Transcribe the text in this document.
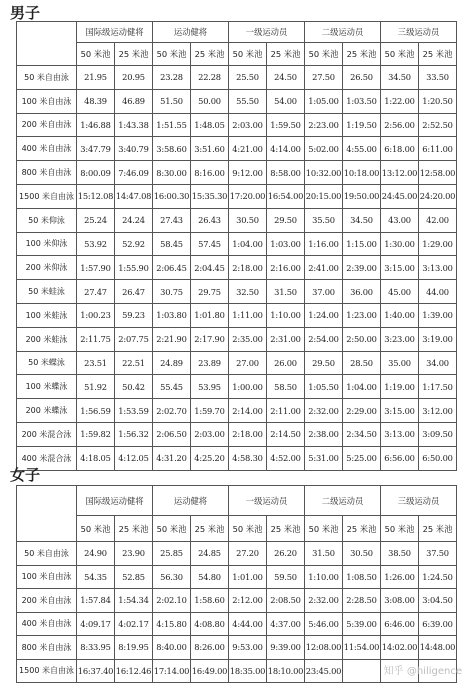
男子
	国际级运动健将		运动健将		一级运动员		二级运动员		三级运动员	
	50 米池	25 米池	50 米池	25 米池	50 米池	25 米池	50 米池	25 米池	50 米池	25 米池
50 米自由泳	21.95	20.95	23.28	22.28	25.50	24.50	27.50	26.50	34.50	33.50
100 米自由泳	48.39	46.89	51.50	50.00	55.50	54.00	1:05.00	1:03.50	1:22.00	1:20.50
200 米自由泳	1:46.88	1:43.38	1:51.55	1:48.05	2:03.00	1:59.50	2:23.00	1:19.50	2:56.00	2:52.50
400 米自由泳	3:47.79	3:40.79	3:58.60	3:51.60	4:21.00	4:14.00	5:02.00	4:55.00	6:18.00	6:11.00
800 米自由泳	8:00.09	7:46.09	8:30.00	8:16.00	9:12.00	8:58.00	10:32.00	10:18.00	13:12.00	12:58.00
1500 米自由泳	15:12.08	14:47.08	16:00.30	15:35.30	17:20.00	16:54.00	20:15.00	19:50.00	24:45.00	24:20.00
50 米仰泳	25.24	24.24	27.43	26.43	30.50	29.50	35.50	34.50	43.00	42.00
100 米仰泳	53.92	52.92	58.45	57.45	1:04.00	1:03.00	1:16.00	1:15.00	1:30.00	1:29.00
200 米仰泳	1:57.90	1:55.90	2:06.45	2:04.45	2:18.00	2:16.00	2:41.00	2:39.00	3:15.00	3:13.00
50 米蛙泳	27.47	26.47	30.75	29.75	32.50	31.50	37.00	36.00	45.00	44.00
100 米蛙泳	1:00.23	59.23	1:03.80	1:01.80	1:11.00	1:10.00	1:24.00	1:23.00	1:40.00	1:39.00
200 米蛙泳	2:11.75	2:07.75	2:21.90	2:17.90	2:35.00	2:31.00	2:54.00	2:50.00	3:23.00	3:19.00
50 米蝶泳	23.51	22.51	24.89	23.89	27.00	26.00	29.50	28.50	35.00	34.00
100 米蝶泳	51.92	50.42	55.45	53.95	1:00.00	58.50	1:05.50	1:04.00	1:19.00	1:17.50
200 米蝶泳	1:56.59	1:53.59	2:02.70	1:59.70	2:14.00	2:11.00	2:32.00	2:29.00	3:15.00	3:12.00
200 米混合泳	1:59.82	1:56.32	2:06.50	2:03.00	2:18.00	2:14.50	2:38.00	2:34.50	3:13.00	3:09.50
400 米混合泳	4:18.05	4:12.05	4:31.20	4:25.20	4:58.30	4:52.00	5:31.00	5:25.00	6:56.00	6:50.00
女子
	国际级运动健将		运动健将		一级运动员		二级运动员		三级运动员	
	50 米池	25 米池	50 米池	25 米池	50 米池	25 米池	50 米池	25 米池	50 米池	25 米池
50 米自由泳	24.90	23.90	25.85	24.85	27.20	26.20	31.50	30.50	38.50	37.50
100 米自由泳	54.35	52.85	56.30	54.80	1:01.00	59.50	1:10.00	1:08.50	1:26.00	1:24.50
200 米自由泳	1:57.84	1:54.34	2:02.10	1:58.60	2:12.00	2:08.50	2:32.00	2:28.50	3:08.00	3:04.50
400 米自由泳	4:09.17	4:02.17	4:15.80	4:08.80	4:44.00	4:37.00	5:46.00	5:39.00	6:46.00	6:39.00
800 米自由泳	8:33.95	8:19.95	8:40.00	8:26.00	9:53.00	9:39.00	12:08.00	11:54.00	14:02.00	14:48.00
1500 米自由泳	16:37.40	16:12.46	17:14.00	16:49.00	18:35.00	18:10.00	23:45.00				知乎 @hiligence
